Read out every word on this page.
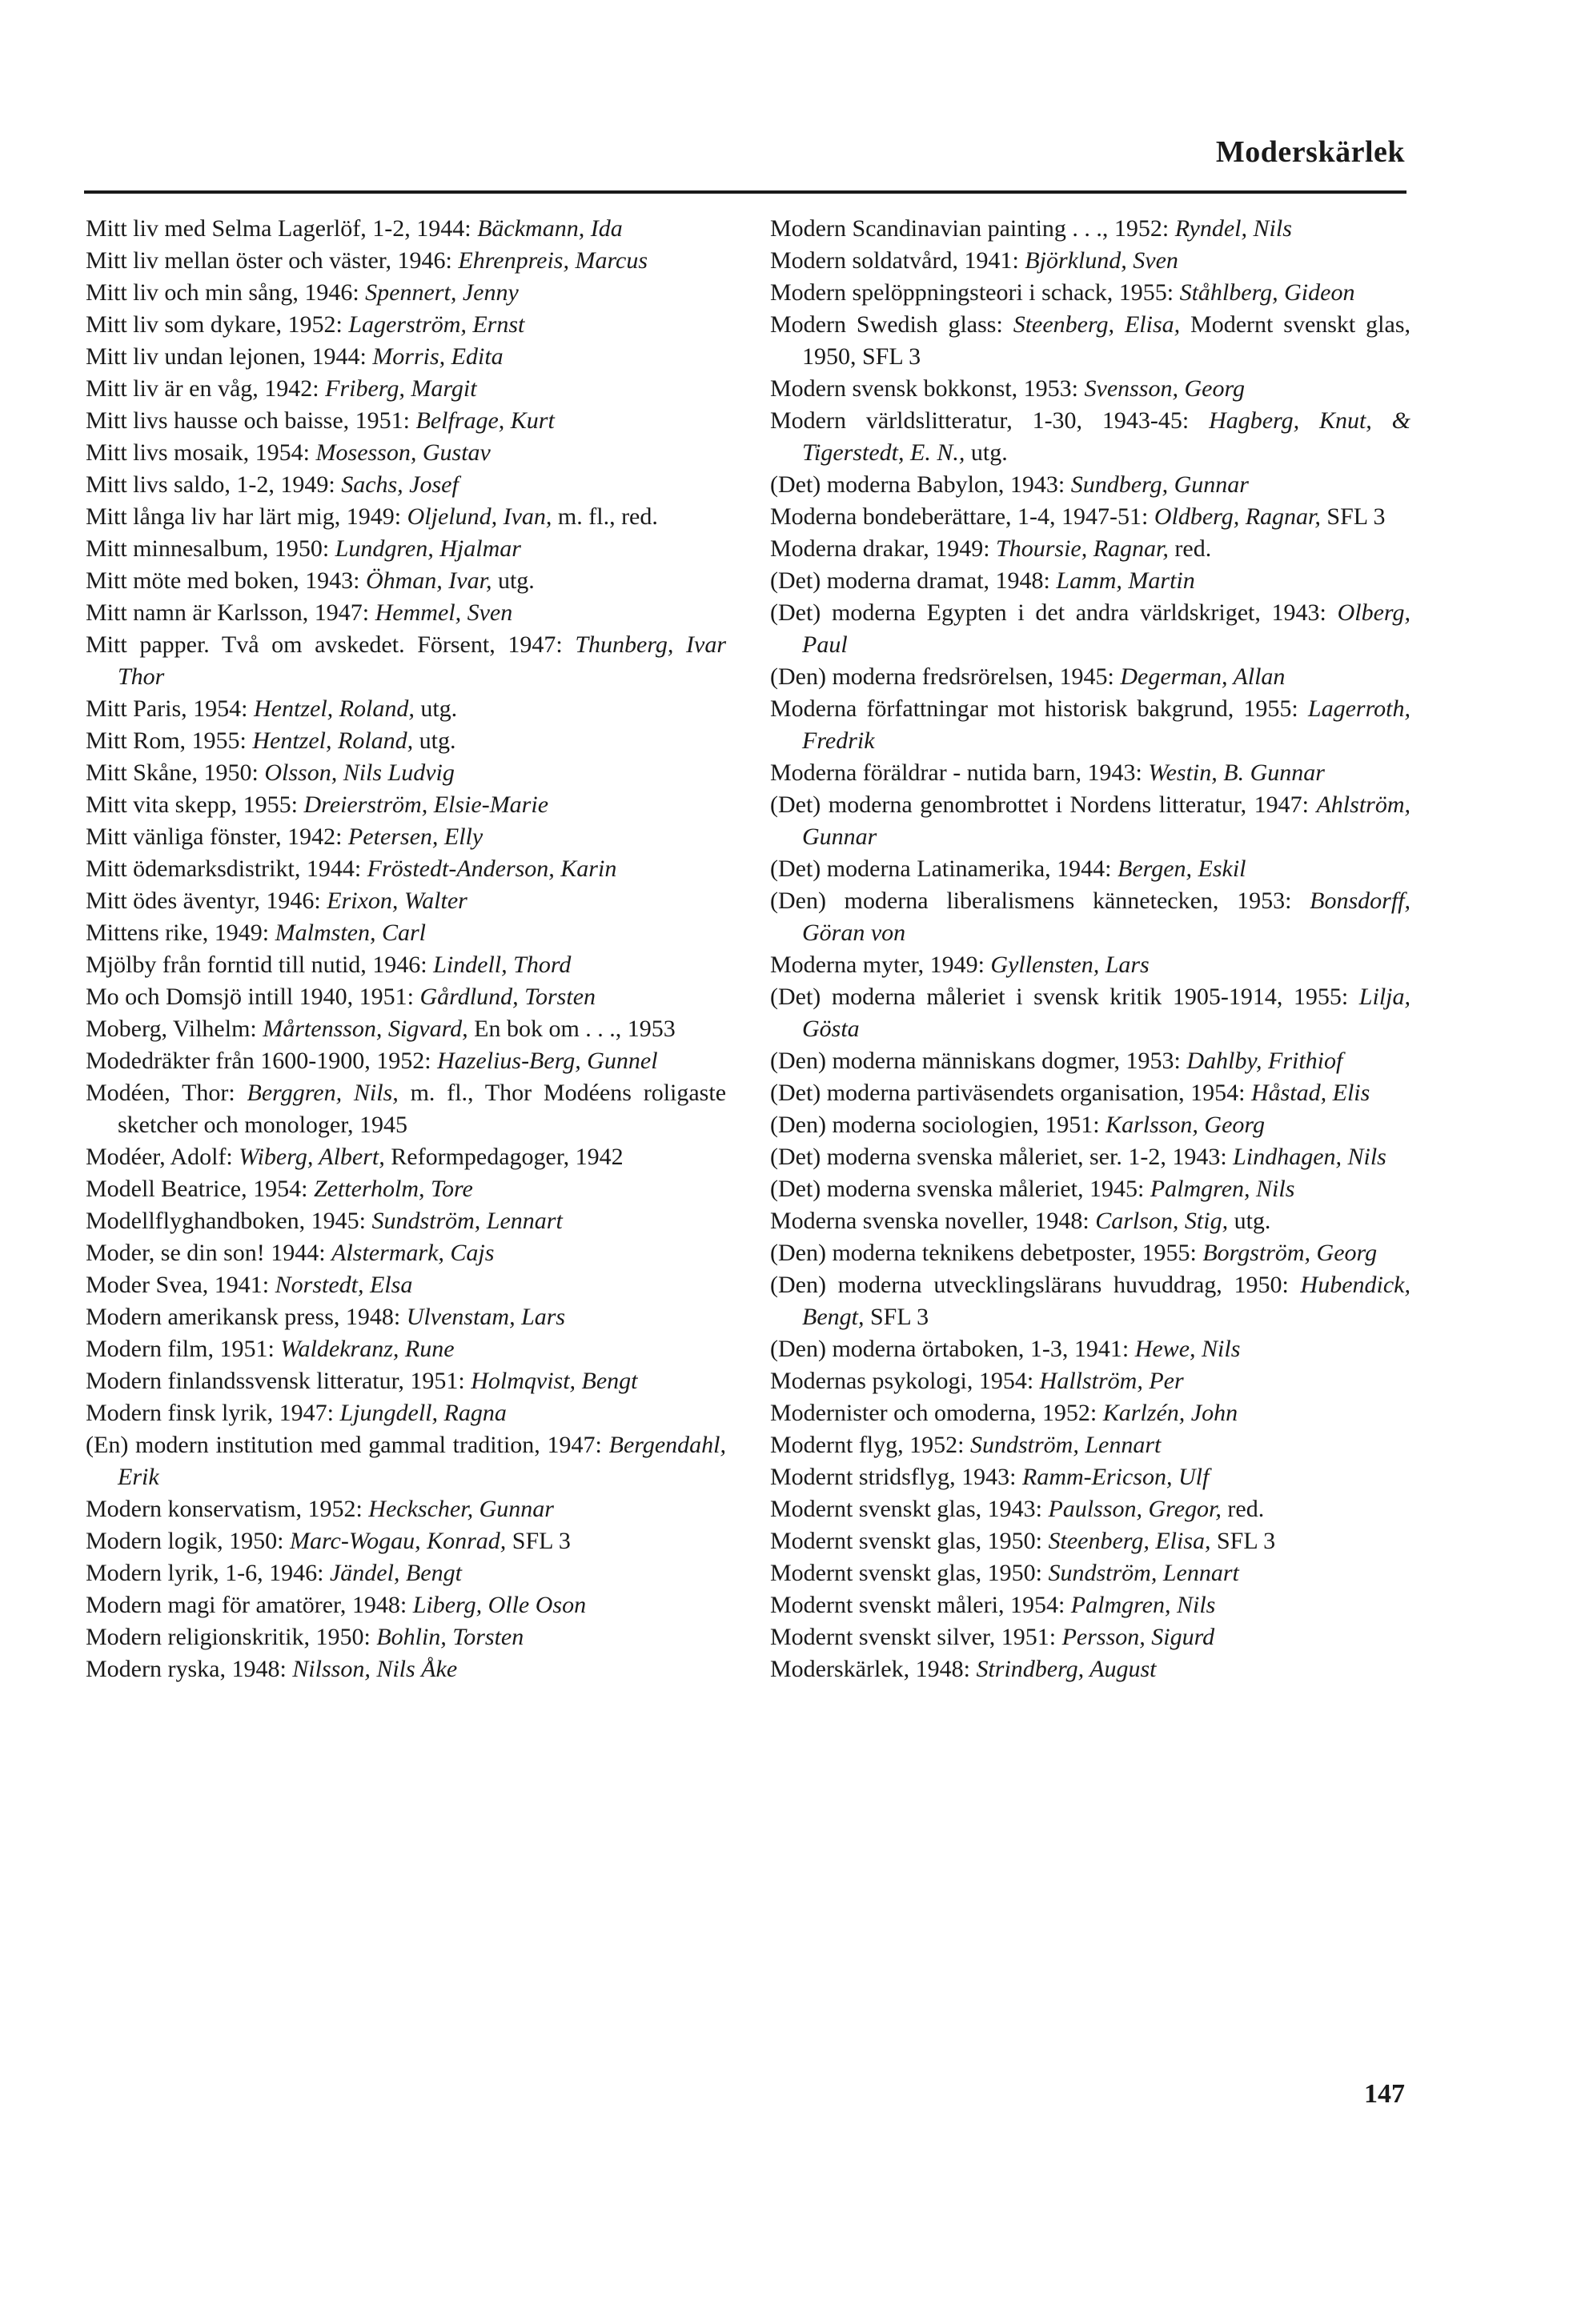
Moderskärlek
Mitt liv med Selma Lagerlöf, 1-2, 1944: Bäckmann, Ida
Mitt liv mellan öster och väster, 1946: Ehrenpreis, Marcus
Mitt liv och min sång, 1946: Spennert, Jenny
Mitt liv som dykare, 1952: Lagerström, Ernst
Mitt liv undan lejonen, 1944: Morris, Edita
Mitt liv är en våg, 1942: Friberg, Margit
Mitt livs hausse och baisse, 1951: Belfrage, Kurt
Mitt livs mosaik, 1954: Mosesson, Gustav
Mitt livs saldo, 1-2, 1949: Sachs, Josef
Mitt långa liv har lärt mig, 1949: Oljelund, Ivan, m. fl., red.
Mitt minnesalbum, 1950: Lundgren, Hjalmar
Mitt möte med boken, 1943: Öhman, Ivar, utg.
Mitt namn är Karlsson, 1947: Hemmel, Sven
Mitt papper. Två om avskedet. Försent, 1947: Thunberg, Ivar Thor
Mitt Paris, 1954: Hentzel, Roland, utg.
Mitt Rom, 1955: Hentzel, Roland, utg.
Mitt Skåne, 1950: Olsson, Nils Ludvig
Mitt vita skepp, 1955: Dreierström, Elsie-Marie
Mitt vänliga fönster, 1942: Petersen, Elly
Mitt ödemarksdistrikt, 1944: Fröstedt-Anderson, Karin
Mitt ödes äventyr, 1946: Erixon, Walter
Mittens rike, 1949: Malmsten, Carl
Mjölby från forntid till nutid, 1946: Lindell, Thord
Mo och Domsjö intill 1940, 1951: Gårdlund, Torsten
Moberg, Vilhelm: Mårtensson, Sigvard, En bok om . . ., 1953
Modedräkter från 1600-1900, 1952: Hazelius-Berg, Gunnel
Modéen, Thor: Berggren, Nils, m. fl., Thor Modéens roligaste sketcher och monologer, 1945
Modéer, Adolf: Wiberg, Albert, Reformpedagoger, 1942
Modell Beatrice, 1954: Zetterholm, Tore
Modellflyghandboken, 1945: Sundström, Lennart
Moder, se din son! 1944: Alstermark, Cajs
Moder Svea, 1941: Norstedt, Elsa
Modern amerikansk press, 1948: Ulvenstam, Lars
Modern film, 1951: Waldekranz, Rune
Modern finlandssvensk litteratur, 1951: Holmqvist, Bengt
Modern finsk lyrik, 1947: Ljungdell, Ragna
(En) modern institution med gammal tradition, 1947: Bergendahl, Erik
Modern konservatism, 1952: Heckscher, Gunnar
Modern logik, 1950: Marc-Wogau, Konrad, SFL 3
Modern lyrik, 1-6, 1946: Jändel, Bengt
Modern magi för amatörer, 1948: Liberg, Olle Oson
Modern religionskritik, 1950: Bohlin, Torsten
Modern ryska, 1948: Nilsson, Nils Åke
Modern Scandinavian painting . . ., 1952: Ryndel, Nils
Modern soldatvård, 1941: Björklund, Sven
Modern spelöppningsteori i schack, 1955: Ståhlberg, Gideon
Modern Swedish glass: Steenberg, Elisa, Modernt svenskt glas, 1950, SFL 3
Modern svensk bokkonst, 1953: Svensson, Georg
Modern världslitteratur, 1-30, 1943-45: Hagberg, Knut, & Tigerstedt, E. N., utg.
(Det) moderna Babylon, 1943: Sundberg, Gunnar
Moderna bondeberättare, 1-4, 1947-51: Oldberg, Ragnar, SFL 3
Moderna drakar, 1949: Thoursie, Ragnar, red.
(Det) moderna dramat, 1948: Lamm, Martin
(Det) moderna Egypten i det andra världskriget, 1943: Olberg, Paul
(Den) moderna fredsrörelsen, 1945: Degerman, Allan
Moderna författningar mot historisk bakgrund, 1955: Lagerroth, Fredrik
Moderna föräldrar - nutida barn, 1943: Westin, B. Gunnar
(Det) moderna genombrottet i Nordens litteratur, 1947: Ahlström, Gunnar
(Det) moderna Latinamerika, 1944: Bergen, Eskil
(Den) moderna liberalismens kännetecken, 1953: Bonsdorff, Göran von
Moderna myter, 1949: Gyllensten, Lars
(Det) moderna måleriet i svensk kritik 1905-1914, 1955: Lilja, Gösta
(Den) moderna människans dogmer, 1953: Dahlby, Frithiof
(Det) moderna partiväsendets organisation, 1954: Håstad, Elis
(Den) moderna sociologien, 1951: Karlsson, Georg
(Det) moderna svenska måleriet, ser. 1-2, 1943: Lindhagen, Nils
(Det) moderna svenska måleriet, 1945: Palmgren, Nils
Moderna svenska noveller, 1948: Carlson, Stig, utg.
(Den) moderna teknikens debetposter, 1955: Borgström, Georg
(Den) moderna utvecklingslärans huvuddrag, 1950: Hubendick, Bengt, SFL 3
(Den) moderna örtaboken, 1-3, 1941: Hewe, Nils
Modernas psykologi, 1954: Hallström, Per
Modernister och omoderna, 1952: Karlzén, John
Modernt flyg, 1952: Sundström, Lennart
Modernt stridsflyg, 1943: Ramm-Ericson, Ulf
Modernt svenskt glas, 1943: Paulsson, Gregor, red.
Modernt svenskt glas, 1950: Steenberg, Elisa, SFL 3
Modernt svenskt glas, 1950: Sundström, Lennart
Modernt svenskt måleri, 1954: Palmgren, Nils
Modernt svenskt silver, 1951: Persson, Sigurd
Moderskärlek, 1948: Strindberg, August
147
